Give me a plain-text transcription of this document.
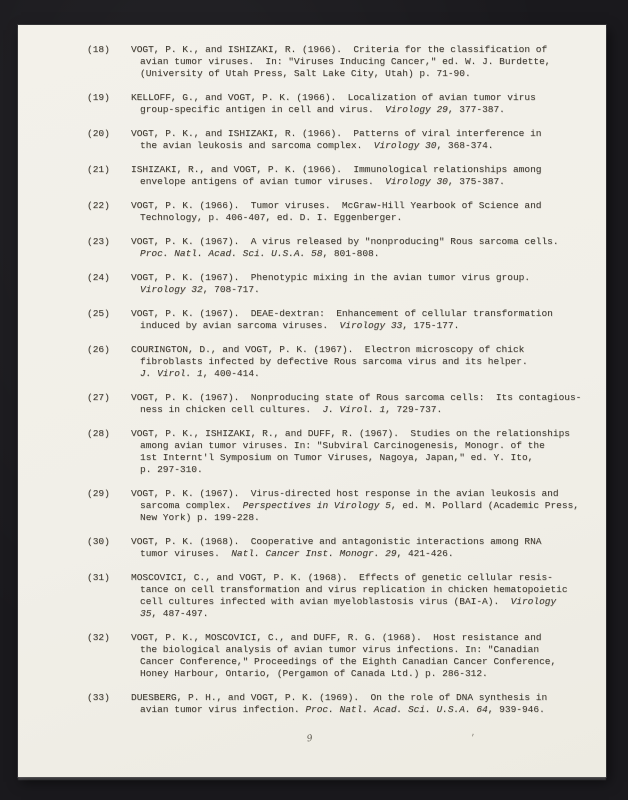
(18)	VOGT, P. K., and ISHIZAKI, R. (1966).  Criteria for the classification of
avian tumor viruses.  In: "Viruses Inducing Cancer," ed. W. J. Burdette,
(University of Utah Press, Salt Lake City, Utah) p. 71-90.
(19)	KELLOFF, G., and VOGT, P. K. (1966).  Localization of avian tumor virus
group-specific antigen in cell and virus.  Virology 29, 377-387.
(20)	VOGT, P. K., and ISHIZAKI, R. (1966).  Patterns of viral interference in
the avian leukosis and sarcoma complex.  Virology 30, 368-374.
(21)	ISHIZAKI, R., and VOGT, P. K. (1966).  Immunological relationships among
envelope antigens of avian tumor viruses.  Virology 30, 375-387.
(22)	VOGT, P. K. (1966).  Tumor viruses.  McGraw-Hill Yearbook of Science and
Technology, p. 406-407, ed. D. I. Eggenberger.
(23)	VOGT, P. K. (1967).  A virus released by "nonproducing" Rous sarcoma cells.
Proc. Natl. Acad. Sci. U.S.A. 58, 801-808.
(24)	VOGT, P. K. (1967).  Phenotypic mixing in the avian tumor virus group.
Virology 32, 708-717.
(25)	VOGT, P. K. (1967).  DEAE-dextran:  Enhancement of cellular transformation
induced by avian sarcoma viruses.  Virology 33, 175-177.
(26)	COURINGTON, D., and VOGT, P. K. (1967).  Electron microscopy of chick
fibroblasts infected by defective Rous sarcoma virus and its helper.
J. Virol. 1, 400-414.
(27)	VOGT, P. K. (1967).  Nonproducing state of Rous sarcoma cells:  Its contagious-
ness in chicken cell cultures.  J. Virol. 1, 729-737.
(28)	VOGT, P. K., ISHIZAKI, R., and DUFF, R. (1967).  Studies on the relationships
among avian tumor viruses. In: "Subviral Carcinogenesis, Monogr. of the
1st Internt'l Symposium on Tumor Viruses, Nagoya, Japan," ed. Y. Ito,
p. 297-310.
(29)	VOGT, P. K. (1967).  Virus-directed host response in the avian leukosis and
sarcoma complex.  Perspectives in Virology 5, ed. M. Pollard (Academic Press,
New York) p. 199-228.
(30)	VOGT, P. K. (1968).  Cooperative and antagonistic interactions among RNA
tumor viruses.  Natl. Cancer Inst. Monogr. 29, 421-426.
(31)	MOSCOVICI, C., and VOGT, P. K. (1968).  Effects of genetic cellular resis-
tance on cell transformation and virus replication in chicken hematopoietic
cell cultures infected with avian myeloblastosis virus (BAI-A).  Virology
35, 487-497.
(32)	VOGT, P. K., MOSCOVICI, C., and DUFF, R. G. (1968).  Host resistance and
the biological analysis of avian tumor virus infections. In: "Canadian
Cancer Conference," Proceedings of the Eighth Canadian Cancer Conference,
Honey Harbour, Ontario, (Pergamon of Canada Ltd.) p. 286-312.
(33)	DUESBERG, P. H., and VOGT, P. K. (1969).  On the role of DNA synthesis in
avian tumor virus infection. Proc. Natl. Acad. Sci. U.S.A. 64, 939-946.
9	'
